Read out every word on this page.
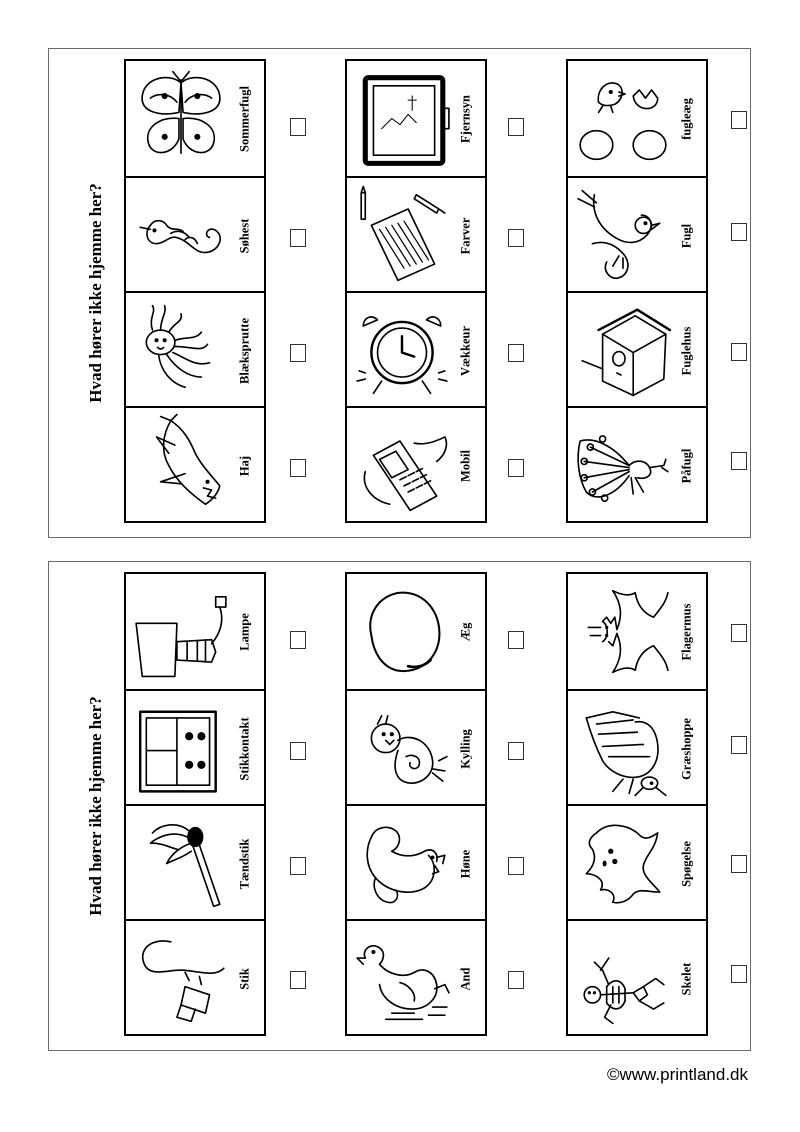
Hvad hører ikke hjemme her?
Sommerfugl
Søhest
Blæksprutte
Haj
Fjernsyn
Farver
Vækkeur
Mobil
fugleæg
Fugl
Fuglehus
Påfugl
Hvad hører ikke hjemme her?
Lampe
Stikkontakt
Tændstik
Stik
Æg
Kylling
Høne
And
Flagermus
Græshoppe
Spøgelse
Skelet
©www.printland.dk
